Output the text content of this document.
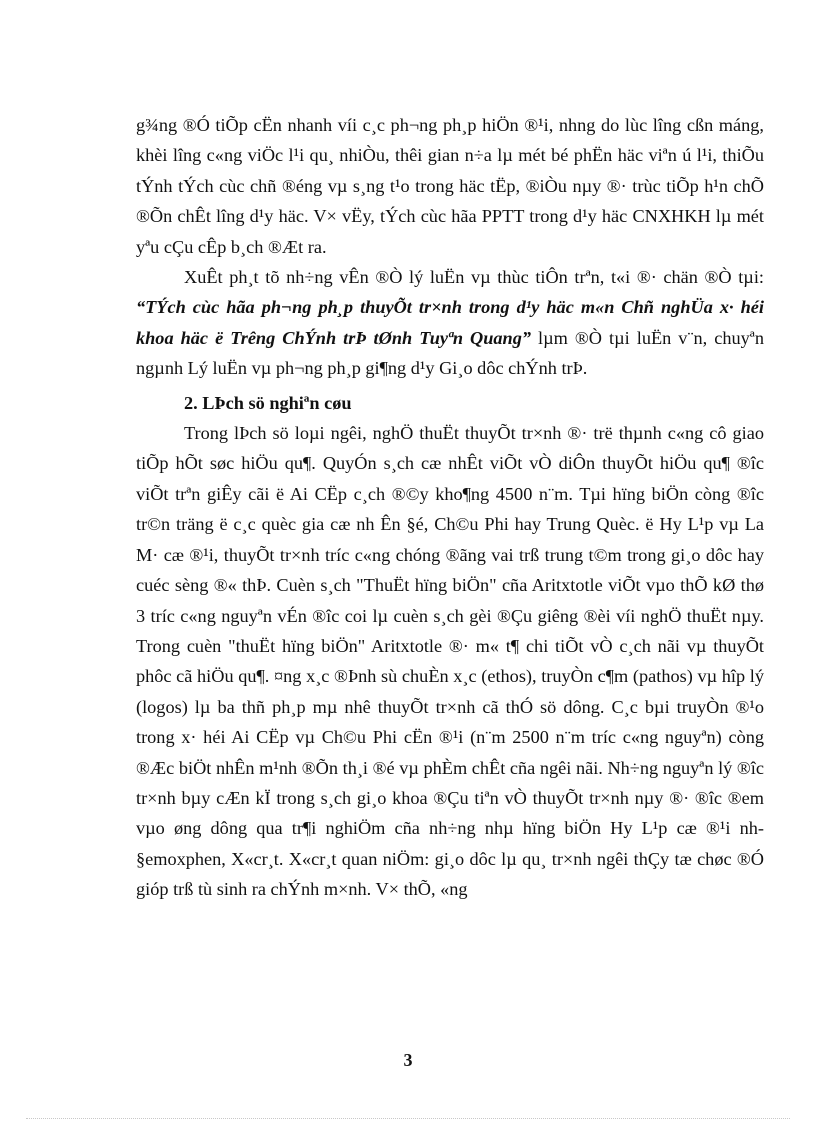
g¾ng ®Ó tiÕp cËn nhanh víi c¸c ph¬ng ph¸p hiÖn ®¹i, nhng do lùc lîng cßn máng, khèi lîng c«ng viÖc l¹i qu¸ nhiÒu, thêi gian n÷a lµ mét bé phËn häc viªn ú l¹i, thiÕu tÝnh tÝch cùc chñ ®éng vµ s¸ng t¹o trong häc tËp, ®iÒu nµy ®· trùc tiÕp h¹n chÕ ®Õn chÊt lîng d¹y häc. V× vËy, tÝch cùc hãa PPTT trong d¹y häc CNXHKH lµ mét yªu cÇu cÊp b¸ch ®Æt ra.

XuÊt ph¸t tõ nh÷ng vÊn ®Ò lý luËn vµ thùc tiÔn trªn, t«i ®· chän ®Ò tµi: “TÝch cùc hãa ph¬ng ph¸p thuyÕt tr×nh trong d¹y häc m«n Chñ nghÜa x· héi khoa häc ë Trêng ChÝnh trÞ tØnh Tuyªn Quang” lµm ®Ò tµi luËn v¨n, chuyªn ngµnh Lý luËn vµ ph¬ng ph¸p gi¶ng d¹y Gi¸o dôc chÝnh trÞ.

2. LÞch sö nghiªn cøu

Trong lÞch sö loµi ngêi, nghÖ thuËt thuyÕt tr×nh ®· trë thµnh c«ng cô giao tiÕp hÕt søc hiÖu qu¶. QuyÓn s¸ch cæ nhÊt viÕt vÒ diÔn thuyÕt hiÖu qu¶ ®îc viÕt trªn giÊy cãi ë Ai CËp c¸ch ®©y kho¶ng 4500 n¨m. Tµi hïng biÖn còng ®îc tr©n träng ë c¸c quèc gia cæ nh Ên §é, Ch©u Phi hay Trung Quèc. ë Hy L¹p vµ La M· cæ ®¹i, thuyÕt tr×nh tríc c«ng chóng ®ãng vai trß trung t©m trong gi¸o dôc hay cuéc sèng ®« thÞ. Cuèn s¸ch "ThuËt hïng biÖn" cña Aritxtotle viÕt vµo thÕ kØ thø 3 tríc c«ng nguyªn vÉn ®îc coi lµ cuèn s¸ch gèi ®Çu giêng ®èi víi nghÖ thuËt nµy. Trong cuèn "thuËt hïng biÖn" Aritxtotle ®· m« t¶ chi tiÕt vÒ c¸ch nãi vµ thuyÕt phôc cã hiÖu qu¶. ¤ng x¸c ®Þnh sù chuÈn x¸c (ethos), truyÒn c¶m (pathos) vµ hîp lý (logos) lµ ba thñ ph¸p mµ nhê thuyÕt tr×nh cã thÓ sö dông. C¸c bµi truyÒn ®¹o trong x· héi Ai CËp vµ Ch©u Phi cËn ®¹i (n¨m 2500 n¨m tríc c«ng nguyªn) còng ®Æc biÖt nhÊn m¹nh ®Õn th¸i ®é vµ phÈm chÊt cña ngêi nãi. Nh÷ng nguyªn lý ®îc tr×nh bµy cÆn kÏ trong s¸ch gi¸o khoa ®Çu tiªn vÒ thuyÕt tr×nh nµy ®· ®îc ®em vµo øng dông qua tr¶i nghiÖm cña nh÷ng nhµ hïng biÖn Hy L¹p cæ ®¹i nh §emoxphen, X«cr¸t. X«cr¸t quan niÖm: gi¸o dôc lµ qu¸ tr×nh ngêi thÇy tæ chøc ®Ó gióp trß tù sinh ra chÝnh m×nh. V× thÕ, «ng

3
